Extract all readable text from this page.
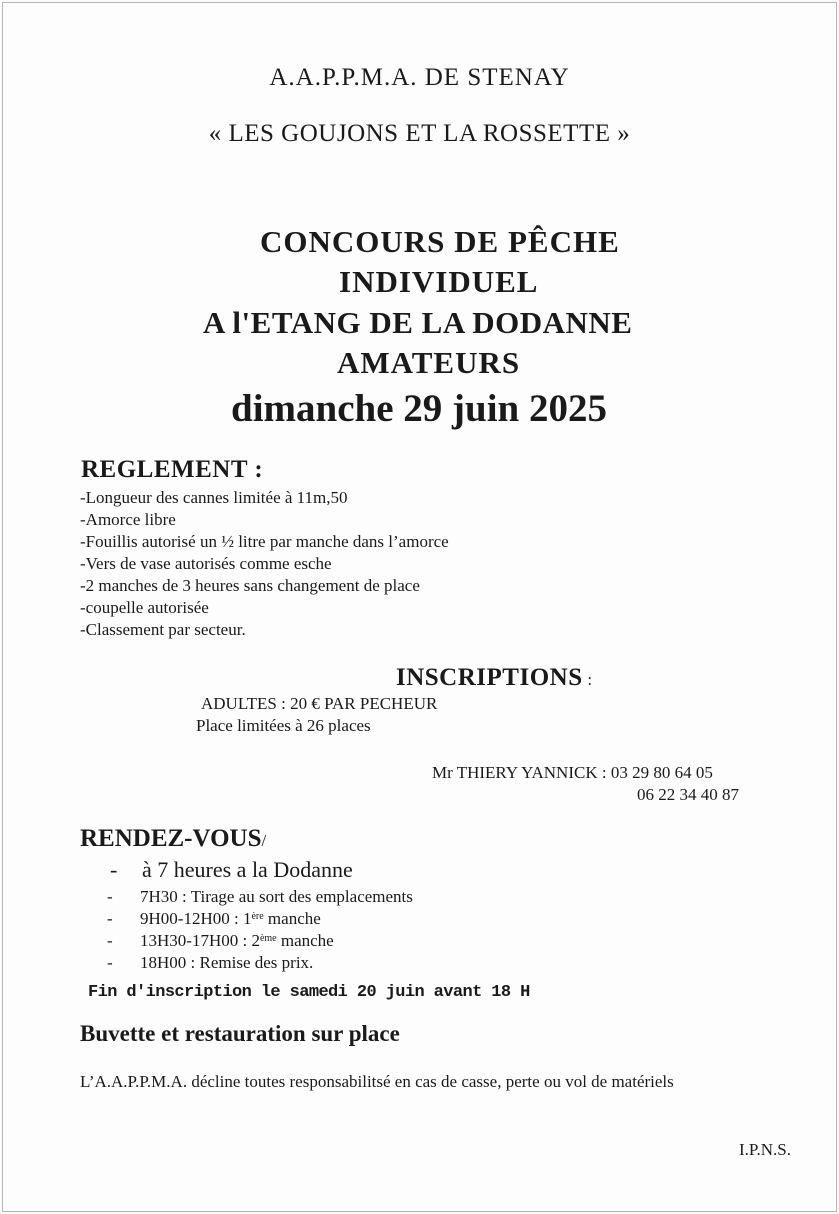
A.A.P.P.M.A. DE STENAY
« LES GOUJONS ET LA ROSSETTE »
CONCOURS DE PÊCHE
INDIVIDUEL
A l'ETANG DE LA DODANNE
AMATEURS
dimanche 29 juin 2025
REGLEMENT :
-Longueur des cannes limitée à 11m,50
-Amorce libre
-Fouillis autorisé un ½ litre par manche dans l’amorce
-Vers de vase autorisés comme esche
-2 manches de 3 heures sans changement de place
-coupelle autorisée
-Classement par secteur.
INSCRIPTIONS :
ADULTES : 20 € PAR PECHEUR
Place limitées à 26 places
Mr THIERY YANNICK : 03 29 80 64 05
06 22 34 40 87
RENDEZ-VOUS/
- à 7 heures a la Dodanne
- 7H30 : Tirage au sort des emplacements
- 9H00-12H00 : 1ère manche
- 13H30-17H00 : 2ème manche
- 18H00 : Remise des prix.
Fin d'inscription le samedi 20 juin avant 18 H
Buvette et restauration sur place
L’A.A.P.P.M.A. décline toutes responsabilitsé en cas de casse, perte ou vol de matériels
I.P.N.S.
